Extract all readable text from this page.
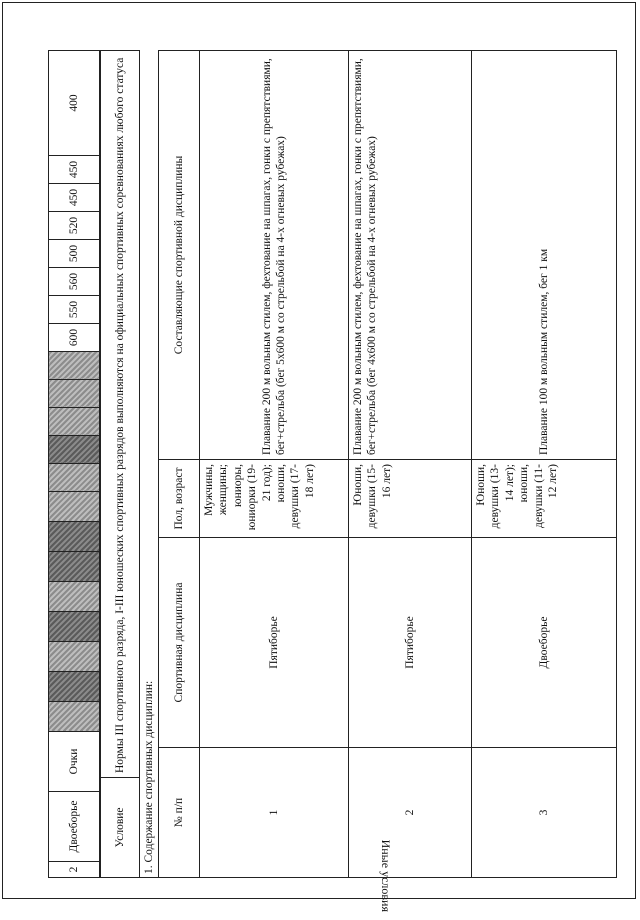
Иные условия
2	Двоеборье	Очки														600	550	560	500	520	450	450	400
Условие	Нормы III спортивного разряда, I-III юношеских спортивных разрядов выполняются на официальных спортивных соревнованиях любого статуса
1. Содержание спортивных дисциплин: № п/п	Спортивная дисциплина	Пол, возраст	Составляющие спортивной дисциплины
1	Пятиборье	Мужчины, женщины; юниоры, юниорки (19-21 год); юноши, девушки (17-18 лет)	Плавание 200 м вольным стилем, фехтование на шпагах, гонки с препятствиями, бег+стрельба (бег 5х600 м со стрельбой на 4-х огневых рубежах)
2	Пятиборье	Юноши, девушки (15-16 лет)	Плавание 200 м вольным стилем, фехтование на шпагах, гонки с препятствиями, бег+стрельба (бег 4х600 м со стрельбой на 4-х огневых рубежах)
3	Двоеборье	Юноши, девушки (13-14 лет); юноши, девушки (11-12 лет)	Плавание 100 м вольным стилем, бег 1 км
